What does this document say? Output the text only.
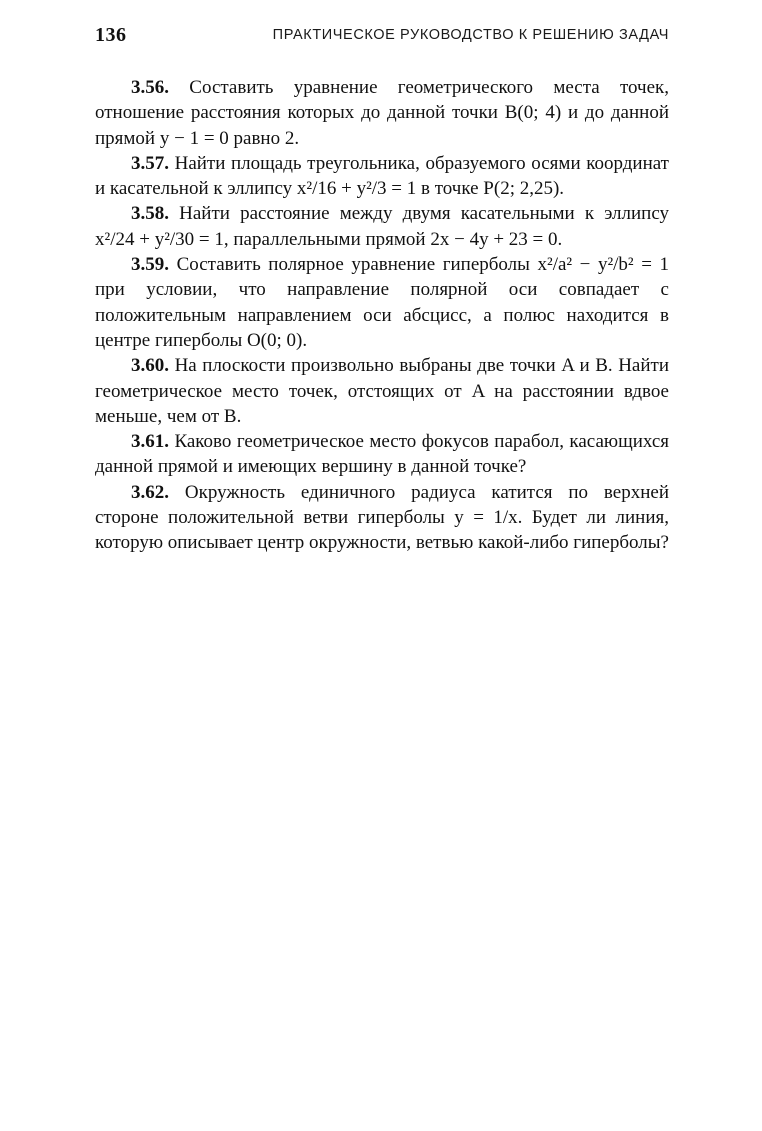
136	ПРАКТИЧЕСКОЕ РУКОВОДСТВО К РЕШЕНИЮ ЗАДАЧ

3.56. Составить уравнение геометрического места точек, отношение расстояния которых до данной точки B(0; 4) и до данной прямой y − 1 = 0 равно 2.

3.57. Найти площадь треугольника, образуемого осями координат и касательной к эллипсу x²/16 + y²/3 = 1 в точке P(2; 2,25).

3.58. Найти расстояние между двумя касательными к эллипсу x²/24 + y²/30 = 1, параллельными прямой 2x − 4y + 23 = 0.

3.59. Составить полярное уравнение гиперболы x²/a² − y²/b² = 1 при условии, что направление полярной оси совпадает с положительным направлением оси абсцисс, а полюс находится в центре гиперболы O(0; 0).

3.60. На плоскости произвольно выбраны две точки A и B. Найти геометрическое место точек, отстоящих от A на расстоянии вдвое меньше, чем от B.

3.61. Каково геометрическое место фокусов парабол, касающихся данной прямой и имеющих вершину в данной точке?

3.62. Окружность единичного радиуса катится по верхней стороне положительной ветви гиперболы y = 1/x. Будет ли линия, которую описывает центр окружности, ветвью какой-либо гиперболы?
